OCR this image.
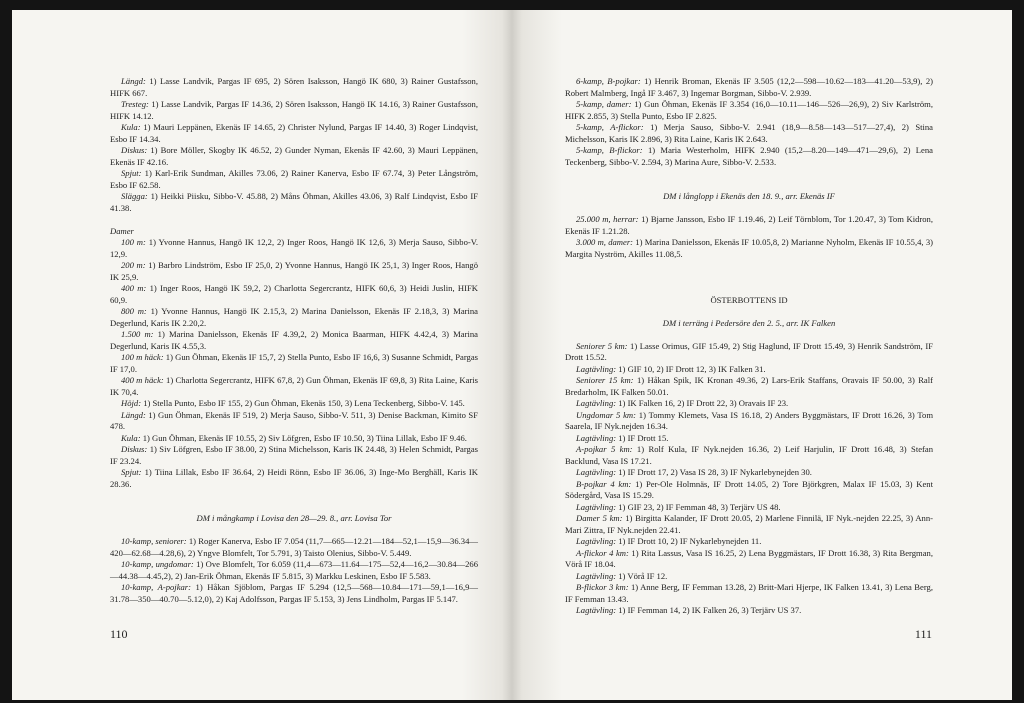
Längd: 1) Lasse Landvik, Pargas IF 695, 2) Sören Isaksson, Hangö IK 680, 3) Rainer Gustafsson, HIFK 667.

Tresteg: 1) Lasse Landvik, Pargas IF 14.36, 2) Sören Isaksson, Hangö IK 14.16, 3) Rainer Gustafsson, HIFK 14.12.

Kula: 1) Mauri Leppänen, Ekenäs IF 14.65, 2) Christer Nylund, Pargas IF 14.40, 3) Roger Lindqvist, Esbo IF 14.34.

Diskus: 1) Bore Möller, Skogby IK 46.52, 2) Gunder Nyman, Ekenäs IF 42.60, 3) Mauri Leppänen, Ekenäs IF 42.16.

Spjut: 1) Karl-Erik Sundman, Akilles 73.06, 2) Rainer Kanerva, Esbo IF 67.74, 3) Peter Långström, Esbo IF 62.58.

Slägga: 1) Heikki Piisku, Sibbo-V. 45.88, 2) Måns Öhman, Akilles 43.06, 3) Ralf Lindqvist, Esbo IF 41.38.

Damer

100 m: 1) Yvonne Hannus, Hangö IK 12,2, 2) Inger Roos, Hangö IK 12,6, 3) Merja Sauso, Sibbo-V. 12,9.

200 m: 1) Barbro Lindström, Esbo IF 25,0, 2) Yvonne Hannus, Hangö IK 25,1, 3) Inger Roos, Hangö IK 25,9.

400 m: 1) Inger Roos, Hangö IK 59,2, 2) Charlotta Segercrantz, HIFK 60,6, 3) Heidi Juslin, HIFK 60,9.

800 m: 1) Yvonne Hannus, Hangö IK 2.15,3, 2) Marina Danielsson, Ekenäs IF 2.18,3, 3) Marina Degerlund, Karis IK 2.20,2.

1.500 m: 1) Marina Danielsson, Ekenäs IF 4.39,2, 2) Monica Baarman, HIFK 4.42,4, 3) Marina Degerlund, Karis IK 4.55,3.

100 m häck: 1) Gun Öhman, Ekenäs IF 15,7, 2) Stella Punto, Esbo IF 16,6, 3) Susanne Schmidt, Pargas IF 17,0.

400 m häck: 1) Charlotta Segercrantz, HIFK 67,8, 2) Gun Öhman, Ekenäs IF 69,8, 3) Rita Laine, Karis IK 70,4.

Höjd: 1) Stella Punto, Esbo IF 155, 2) Gun Öhman, Ekenäs 150, 3) Lena Teckenberg, Sibbo-V. 145.

Längd: 1) Gun Öhman, Ekenäs IF 519, 2) Merja Sauso, Sibbo-V. 511, 3) Denise Backman, Kimito SF 478.

Kula: 1) Gun Öhman, Ekenäs IF 10.55, 2) Siv Löfgren, Esbo IF 10.50, 3) Tiina Lillak, Esbo IF 9.46.

Diskus: 1) Siv Löfgren, Esbo IF 38.00, 2) Stina Michelsson, Karis IK 24.48, 3) Helen Schmidt, Pargas IF 23.24.

Spjut: 1) Tiina Lillak, Esbo IF 36.64, 2) Heidi Rönn, Esbo IF 36.06, 3) Inge-Mo Berghäll, Karis IK 28.36.

DM i mångkamp i Lovisa den 28—29. 8., arr. Lovisa Tor

10-kamp, seniorer: 1) Roger Kanerva, Esbo IF 7.054 (11,7—665—12.21—184—52,1—15,9—36.34—420—62.68—4.28,6), 2) Yngve Blomfelt, Tor 5.791, 3) Taisto Olenius, Sibbo-V. 5.449.

10-kamp, ungdomar: 1) Ove Blomfelt, Tor 6.059 (11,4—673—11.64—175—52,4—16,2—30.84—266—44.38—4.45,2), 2) Jan-Erik Öhman, Ekenäs IF 5.815, 3) Markku Leskinen, Esbo IF 5.583.

10-kamp, A-pojkar: 1) Håkan Sjöblom, Pargas IF 5.294 (12,5—568—10.84—171—59,1—16,9—31.78—350—40.70—5.12,0), 2) Kaj Adolfsson, Pargas IF 5.153, 3) Jens Lindholm, Pargas IF 5.147.

110

6-kamp, B-pojkar: 1) Henrik Broman, Ekenäs IF 3.505 (12,2—598—10.62—183—41.20—53,9), 2) Robert Malmberg, Ingå IF 3.467, 3) Ingemar Borgman, Sibbo-V. 2.939.

5-kamp, damer: 1) Gun Öhman, Ekenäs IF 3.354 (16,0—10.11—146—526—26,9), 2) Siv Karlström, HIFK 2.855, 3) Stella Punto, Esbo IF 2.825.

5-kamp, A-flickor: 1) Merja Sauso, Sibbo-V. 2.941 (18,9—8.58—143—517—27,4), 2) Stina Michelsson, Karis IK 2.896, 3) Rita Laine, Karis IK 2.643.

5-kamp, B-flickor: 1) Maria Westerholm, HIFK 2.940 (15,2—8.20—149—471—29,6), 2) Lena Teckenberg, Sibbo-V. 2.594, 3) Marina Aure, Sibbo-V. 2.533.

DM i långlopp i Ekenäs den 18. 9., arr. Ekenäs IF

25.000 m, herrar: 1) Bjarne Jansson, Esbo IF 1.19.46, 2) Leif Törnblom, Tor 1.20.47, 3) Tom Kidron, Ekenäs IF 1.21.28.

3.000 m, damer: 1) Marina Danielsson, Ekenäs IF 10.05,8, 2) Marianne Nyholm, Ekenäs IF 10.55,4, 3) Margita Nyström, Akilles 11.08,5.

ÖSTERBOTTENS ID

DM i terräng i Pedersöre den 2. 5., arr. IK Falken

Seniorer 5 km: 1) Lasse Orimus, GIF 15.49, 2) Stig Haglund, IF Drott 15.49, 3) Henrik Sandström, IF Drott 15.52.

Lagtävling: 1) GIF 10, 2) IF Drott 12, 3) IK Falken 31.

Seniorer 15 km: 1) Håkan Spik, IK Kronan 49.36, 2) Lars-Erik Staffans, Oravais IF 50.00, 3) Ralf Bredarholm, IK Falken 50.01.

Lagtävling: 1) IK Falken 16, 2) IF Drott 22, 3) Oravais IF 23.

Ungdomar 5 km: 1) Tommy Klemets, Vasa IS 16.18, 2) Anders Byggmästars, IF Drott 16.26, 3) Tom Saarela, IF Nyk.nejden 16.34.

Lagtävling: 1) IF Drott 15.

A-pojkar 5 km: 1) Rolf Kula, IF Nyk.nejden 16.36, 2) Leif Harjulin, IF Drott 16.48, 3) Stefan Backlund, Vasa IS 17.21.

Lagtävling: 1) IF Drott 17, 2) Vasa IS 28, 3) IF Nykarlebynejden 30.

B-pojkar 4 km: 1) Per-Ole Holmnäs, IF Drott 14.05, 2) Tore Björkgren, Malax IF 15.03, 3) Kent Södergård, Vasa IS 15.29.

Lagtävling: 1) GIF 23, 2) IF Femman 48, 3) Terjärv US 48.

Damer 5 km: 1) Birgitta Kalander, IF Drott 20.05, 2) Marlene Finnilä, IF Nyk.-nejden 22.25, 3) Ann-Mari Zittra, IF Nyk.nejden 22.41.

Lagtävling: 1) IF Drott 10, 2) IF Nykarlebynejden 11.

A-flickor 4 km: 1) Rita Lassus, Vasa IS 16.25, 2) Lena Byggmästars, IF Drott 16.38, 3) Rita Bergman, Vörå IF 18.04.

Lagtävling: 1) Vörå IF 12.

B-flickor 3 km: 1) Anne Berg, IF Femman 13.28, 2) Britt-Mari Hjerpe, IK Falken 13.41, 3) Lena Berg, IF Femman 13.43.

Lagtävling: 1) IF Femman 14, 2) IK Falken 26, 3) Terjärv US 37.

111
